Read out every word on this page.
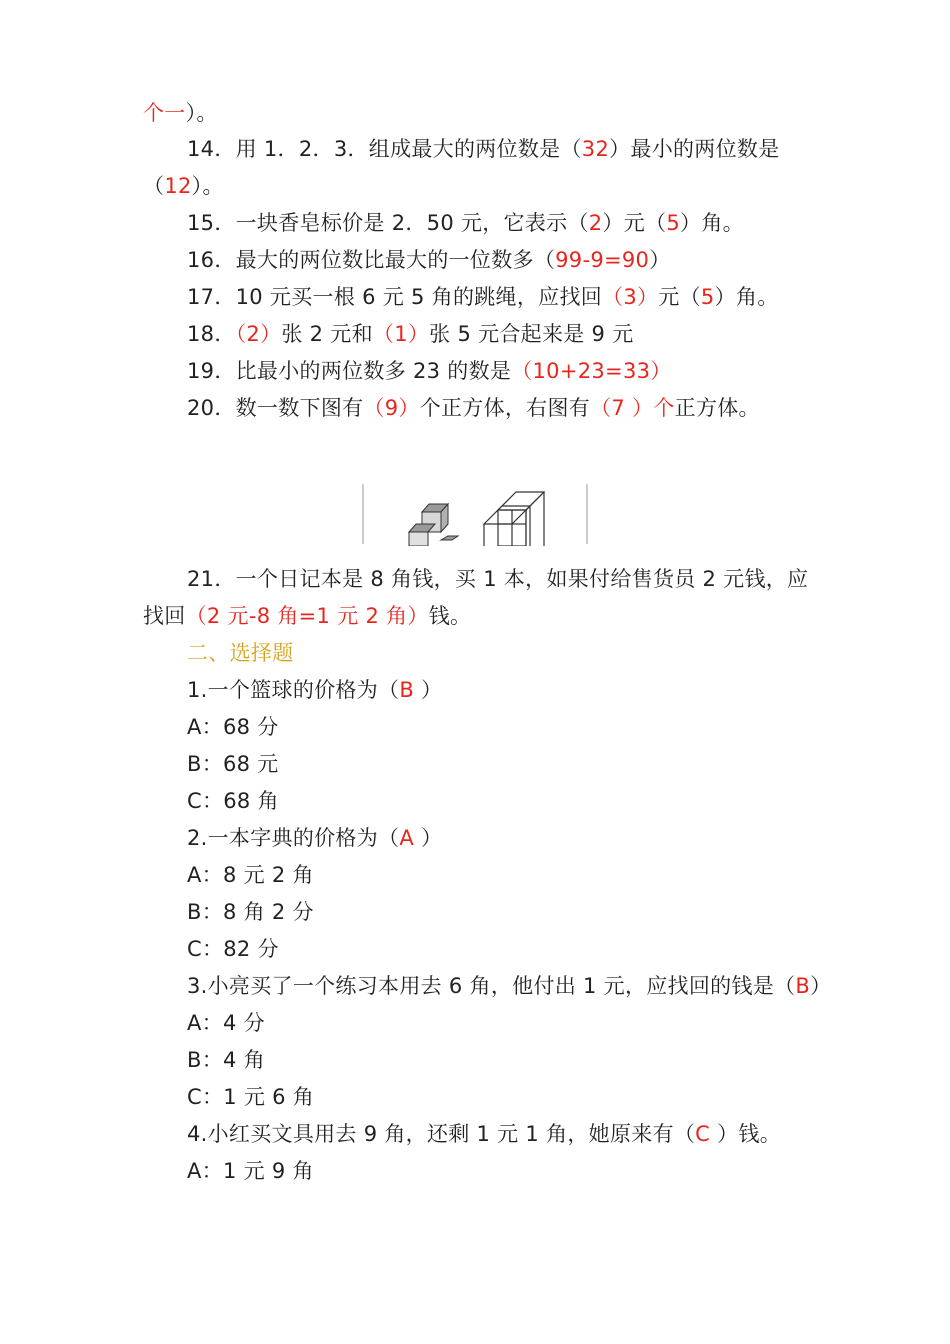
个一）。
14．用 1．2．3．组成最大的两位数是（32）最小的两位数是
（12）。
15．一块香皂标价是 2．50 元，它表示（2）元（5）角。
16．最大的两位数比最大的一位数多（99-9=90）
17．10 元买一根 6 元 5 角的跳绳，应找回（3）元（5）角。
18．（2）张 2 元和（1）张 5 元合起来是 9 元
19．比最小的两位数多 23 的数是（10+23=33）
20．数一数下图有（9）个正方体，右图有（7 ）个正方体。
21．一个日记本是 8 角钱，买 1 本，如果付给售货员 2 元钱，应
找回（2 元-8 角=1 元 2 角）钱。
二、选择题
1.一个篮球的价格为（B ）
A：68 分
B：68 元
C：68 角
2.一本字典的价格为（A ）
A：8 元 2 角
B：8 角 2 分
C：82 分
3.小亮买了一个练习本用去 6 角，他付出 1 元，应找回的钱是（B）
A：4 分
B：4 角
C：1 元 6 角
4.小红买文具用去 9 角，还剩 1 元 1 角，她原来有（C ）钱。
A：1 元 9 角
